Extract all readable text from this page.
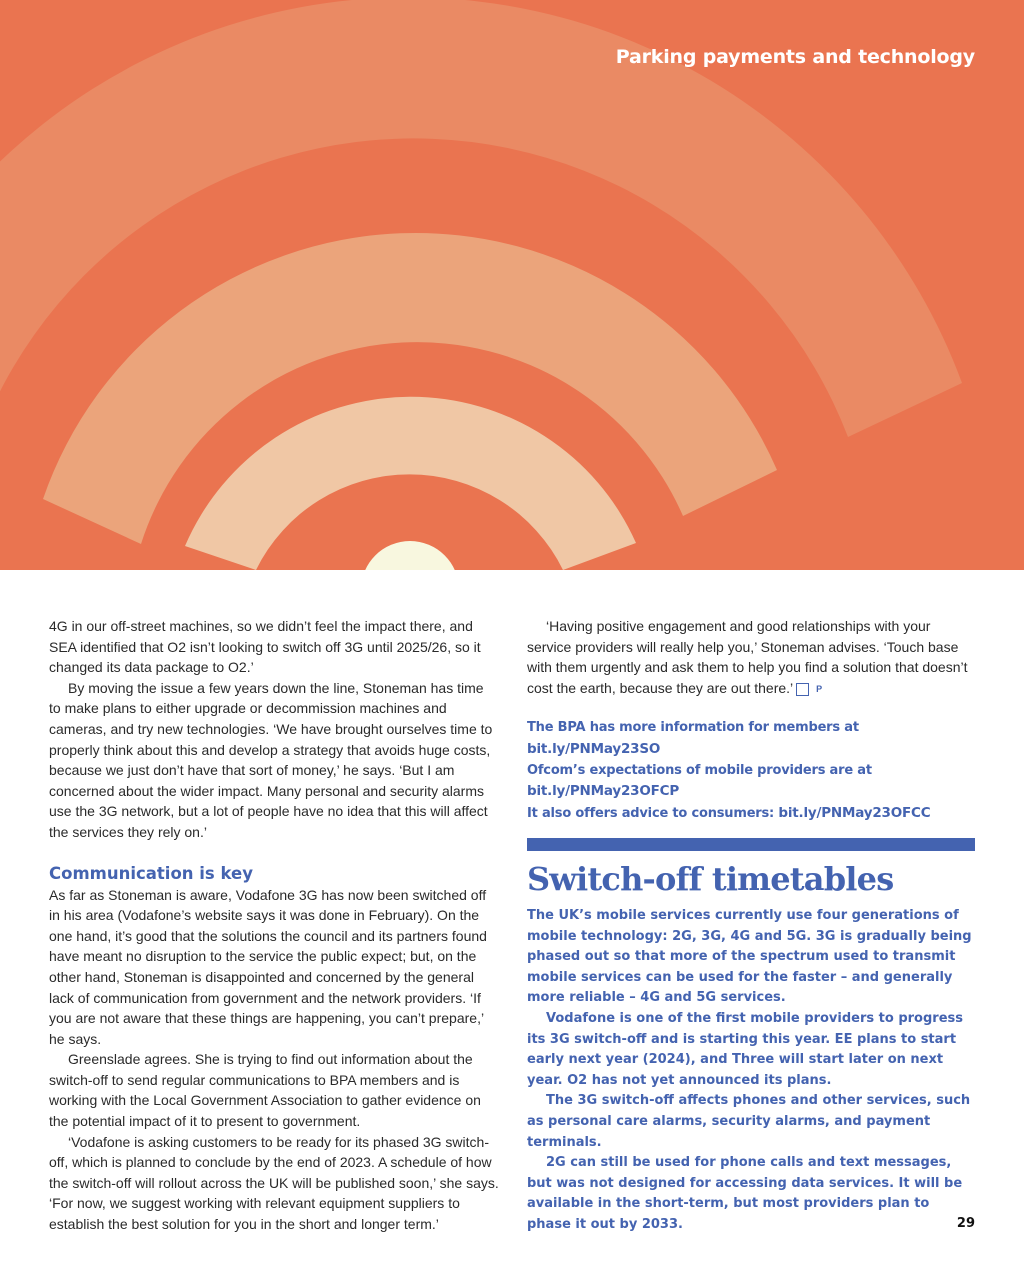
Parking payments and technology

4G in our off-street machines, so we didn’t feel the impact there, and SEA identified that O2 isn’t looking to switch off 3G until 2025/26, so it changed its data package to O2.’

By moving the issue a few years down the line, Stoneman has time to make plans to either upgrade or decommission machines and cameras, and try new technologies. ‘We have brought ourselves time to properly think about this and develop a strategy that avoids huge costs, because we just don’t have that sort of money,’ he says. ‘But I am concerned about the wider impact. Many personal and security alarms use the 3G network, but a lot of people have no idea that this will affect the services they rely on.’

Communication is key

As far as Stoneman is aware, Vodafone 3G has now been switched off in his area (Vodafone’s website says it was done in February). On the one hand, it’s good that the solutions the council and its partners found have meant no disruption to the service the public expect; but, on the other hand, Stoneman is disappointed and concerned by the general lack of communication from government and the network providers. ‘If you are not aware that these things are happening, you can’t prepare,’ he says.

Greenslade agrees. She is trying to find out information about the switch-off to send regular communications to BPA members and is working with the Local Government Association to gather evidence on the potential impact of it to present to government.

‘Vodafone is asking customers to be ready for its phased 3G switch-off, which is planned to conclude by the end of 2023. A schedule of how the switch-off will rollout across the UK will be published soon,’ she says. ‘For now, we suggest working with relevant equipment suppliers to establish the best solution for you in the short and longer term.’

‘Having positive engagement and good relationships with your service providers will really help you,’ Stoneman advises. ‘Touch base with them urgently and ask them to help you find a solution that doesn’t cost the earth, because they are out there.’	P

The BPA has more information for members at bit.ly/PNMay23SO
Ofcom’s expectations of mobile providers are at bit.ly/PNMay23OFCP
It also offers advice to consumers: bit.ly/PNMay23OFCC
Switch-off timetables

The UK’s mobile services currently use four generations of mobile technology: 2G, 3G, 4G and 5G. 3G is gradually being phased out so that more of the spectrum used to transmit mobile services can be used for the faster – and generally more reliable – 4G and 5G services.

Vodafone is one of the first mobile providers to progress its 3G switch-off and is starting this year. EE plans to start early next year (2024), and Three will start later on next year. O2 has not yet announced its plans.

The 3G switch-off affects phones and other services, such as personal care alarms, security alarms, and payment terminals.

2G can still be used for phone calls and text messages, but was not designed for accessing data services. It will be available in the short-term, but most providers plan to phase it out by 2033.	29
